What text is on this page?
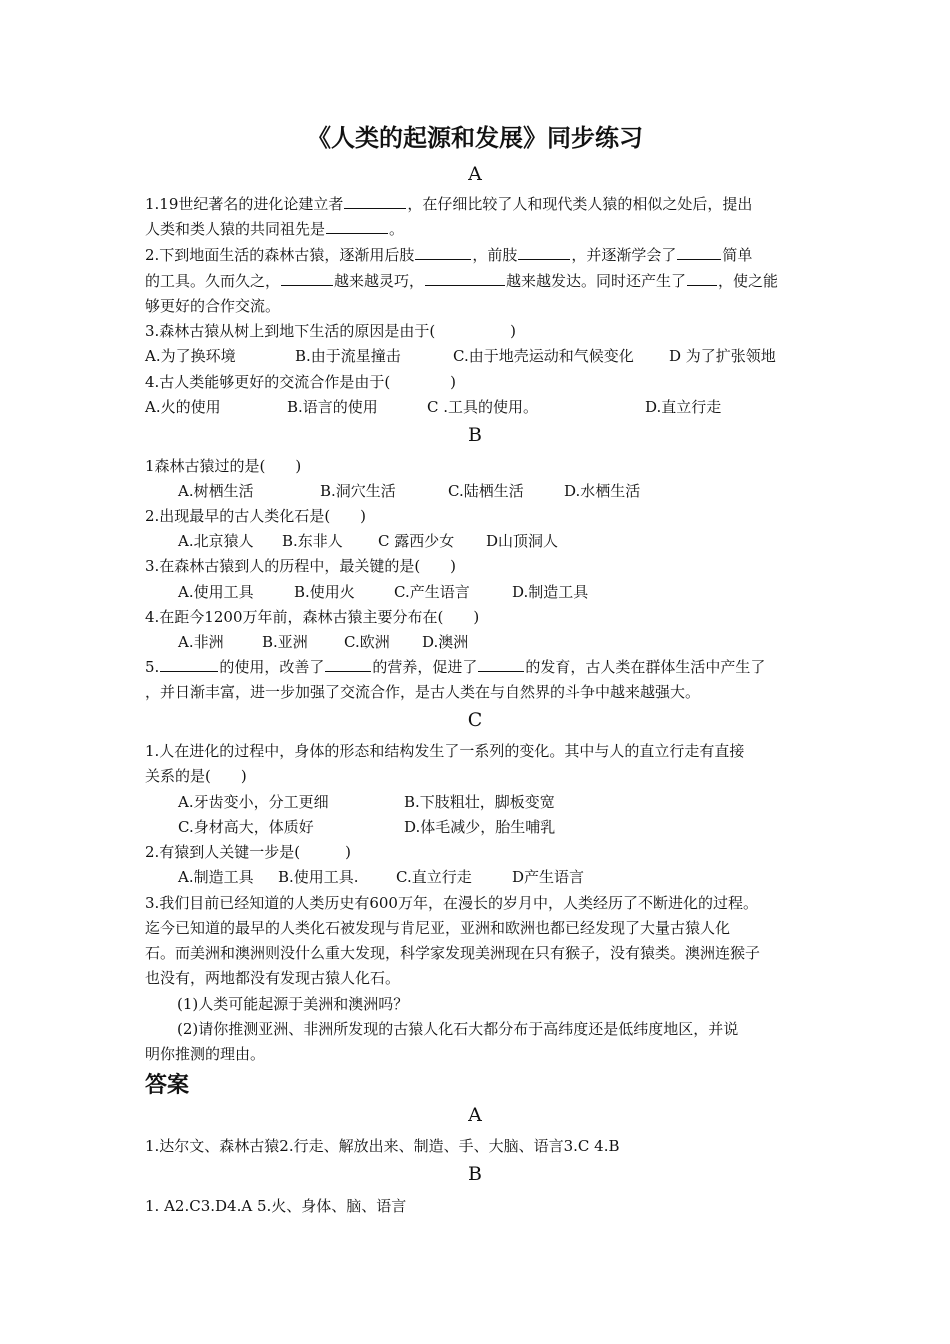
《人类的起源和发展》同步练习
A
1.19世纪著名的进化论建立者	，在仔细比较了人和现代类人猿的相似之处后，提出
人类和类人猿的共同祖先是	。
2.下到地面生活的森林古猿，逐渐用后肢	，前肢	，并逐渐学会了	简单
的工具。久而久之，	越来越灵巧，	越来越发达。同时还产生了 ，使之能
够更好的合作交流。
3.森林古猿从树上到地下生活的原因是由于(　　　　　)
A.为了换环境	B.由于流星撞击	C.由于地壳运动和气候变化 D 为了扩张领地
4.古人类能够更好的交流合作是由于(　　　　)
A.火的使用	B.语言的使用	C .工具的使用。	D.直立行走
B
1森林古猿过的是(　　)
A.树栖生活	B.洞穴生活	C.陆栖生活	D.水栖生活
2.出现最早的古人类化石是(　　)
A.北京猿人 B.东非人 C 露西少女 D山顶洞人
3.在森林古猿到人的历程中，最关键的是(　　)
A.使用工具	B.使用火	C.产生语言	D.制造工具
4.在距今1200万年前，森林古猿主要分布在(　　)
A.非洲	B.亚洲 C.欧洲 D.澳洲
5.	的使用，改善了	的营养，促进了	的发育，古人类在群体生活中产生了
，并日渐丰富，进一步加强了交流合作，是古人类在与自然界的斗争中越来越强大。
C
1.人在进化的过程中，身体的形态和结构发生了一系列的变化。其中与人的直立行走有直接
关系的是(　　)
A.牙齿变小，分工更细	B.下肢粗壮，脚板变宽
C.身材高大，体质好	D.体毛减少，胎生哺乳
2.有猿到人关键一步是(　　　)
A.制造工具 B.使用工具. C.直立行走	D产生语言
3.我们目前已经知道的人类历史有600万年，在漫长的岁月中，人类经历了不断进化的过程。
迄今已知道的最早的人类化石被发现与肯尼亚，亚洲和欧洲也都已经发现了大量古猿人化
石。而美洲和澳洲则没什么重大发现，科学家发现美洲现在只有猴子，没有猿类。澳洲连猴子
也没有，两地都没有发现古猿人化石。
(1)人类可能起源于美洲和澳洲吗？
(2)请你推测亚洲、非洲所发现的古猿人化石大都分布于高纬度还是低纬度地区，并说
明你推测的理由。
答案
A
1.达尔文、森林古猿2.行走、解放出来、制造、手、大脑、语言3.C 4.B
B
1. A2.C3.D4.A 5.火、身体、脑、语言
